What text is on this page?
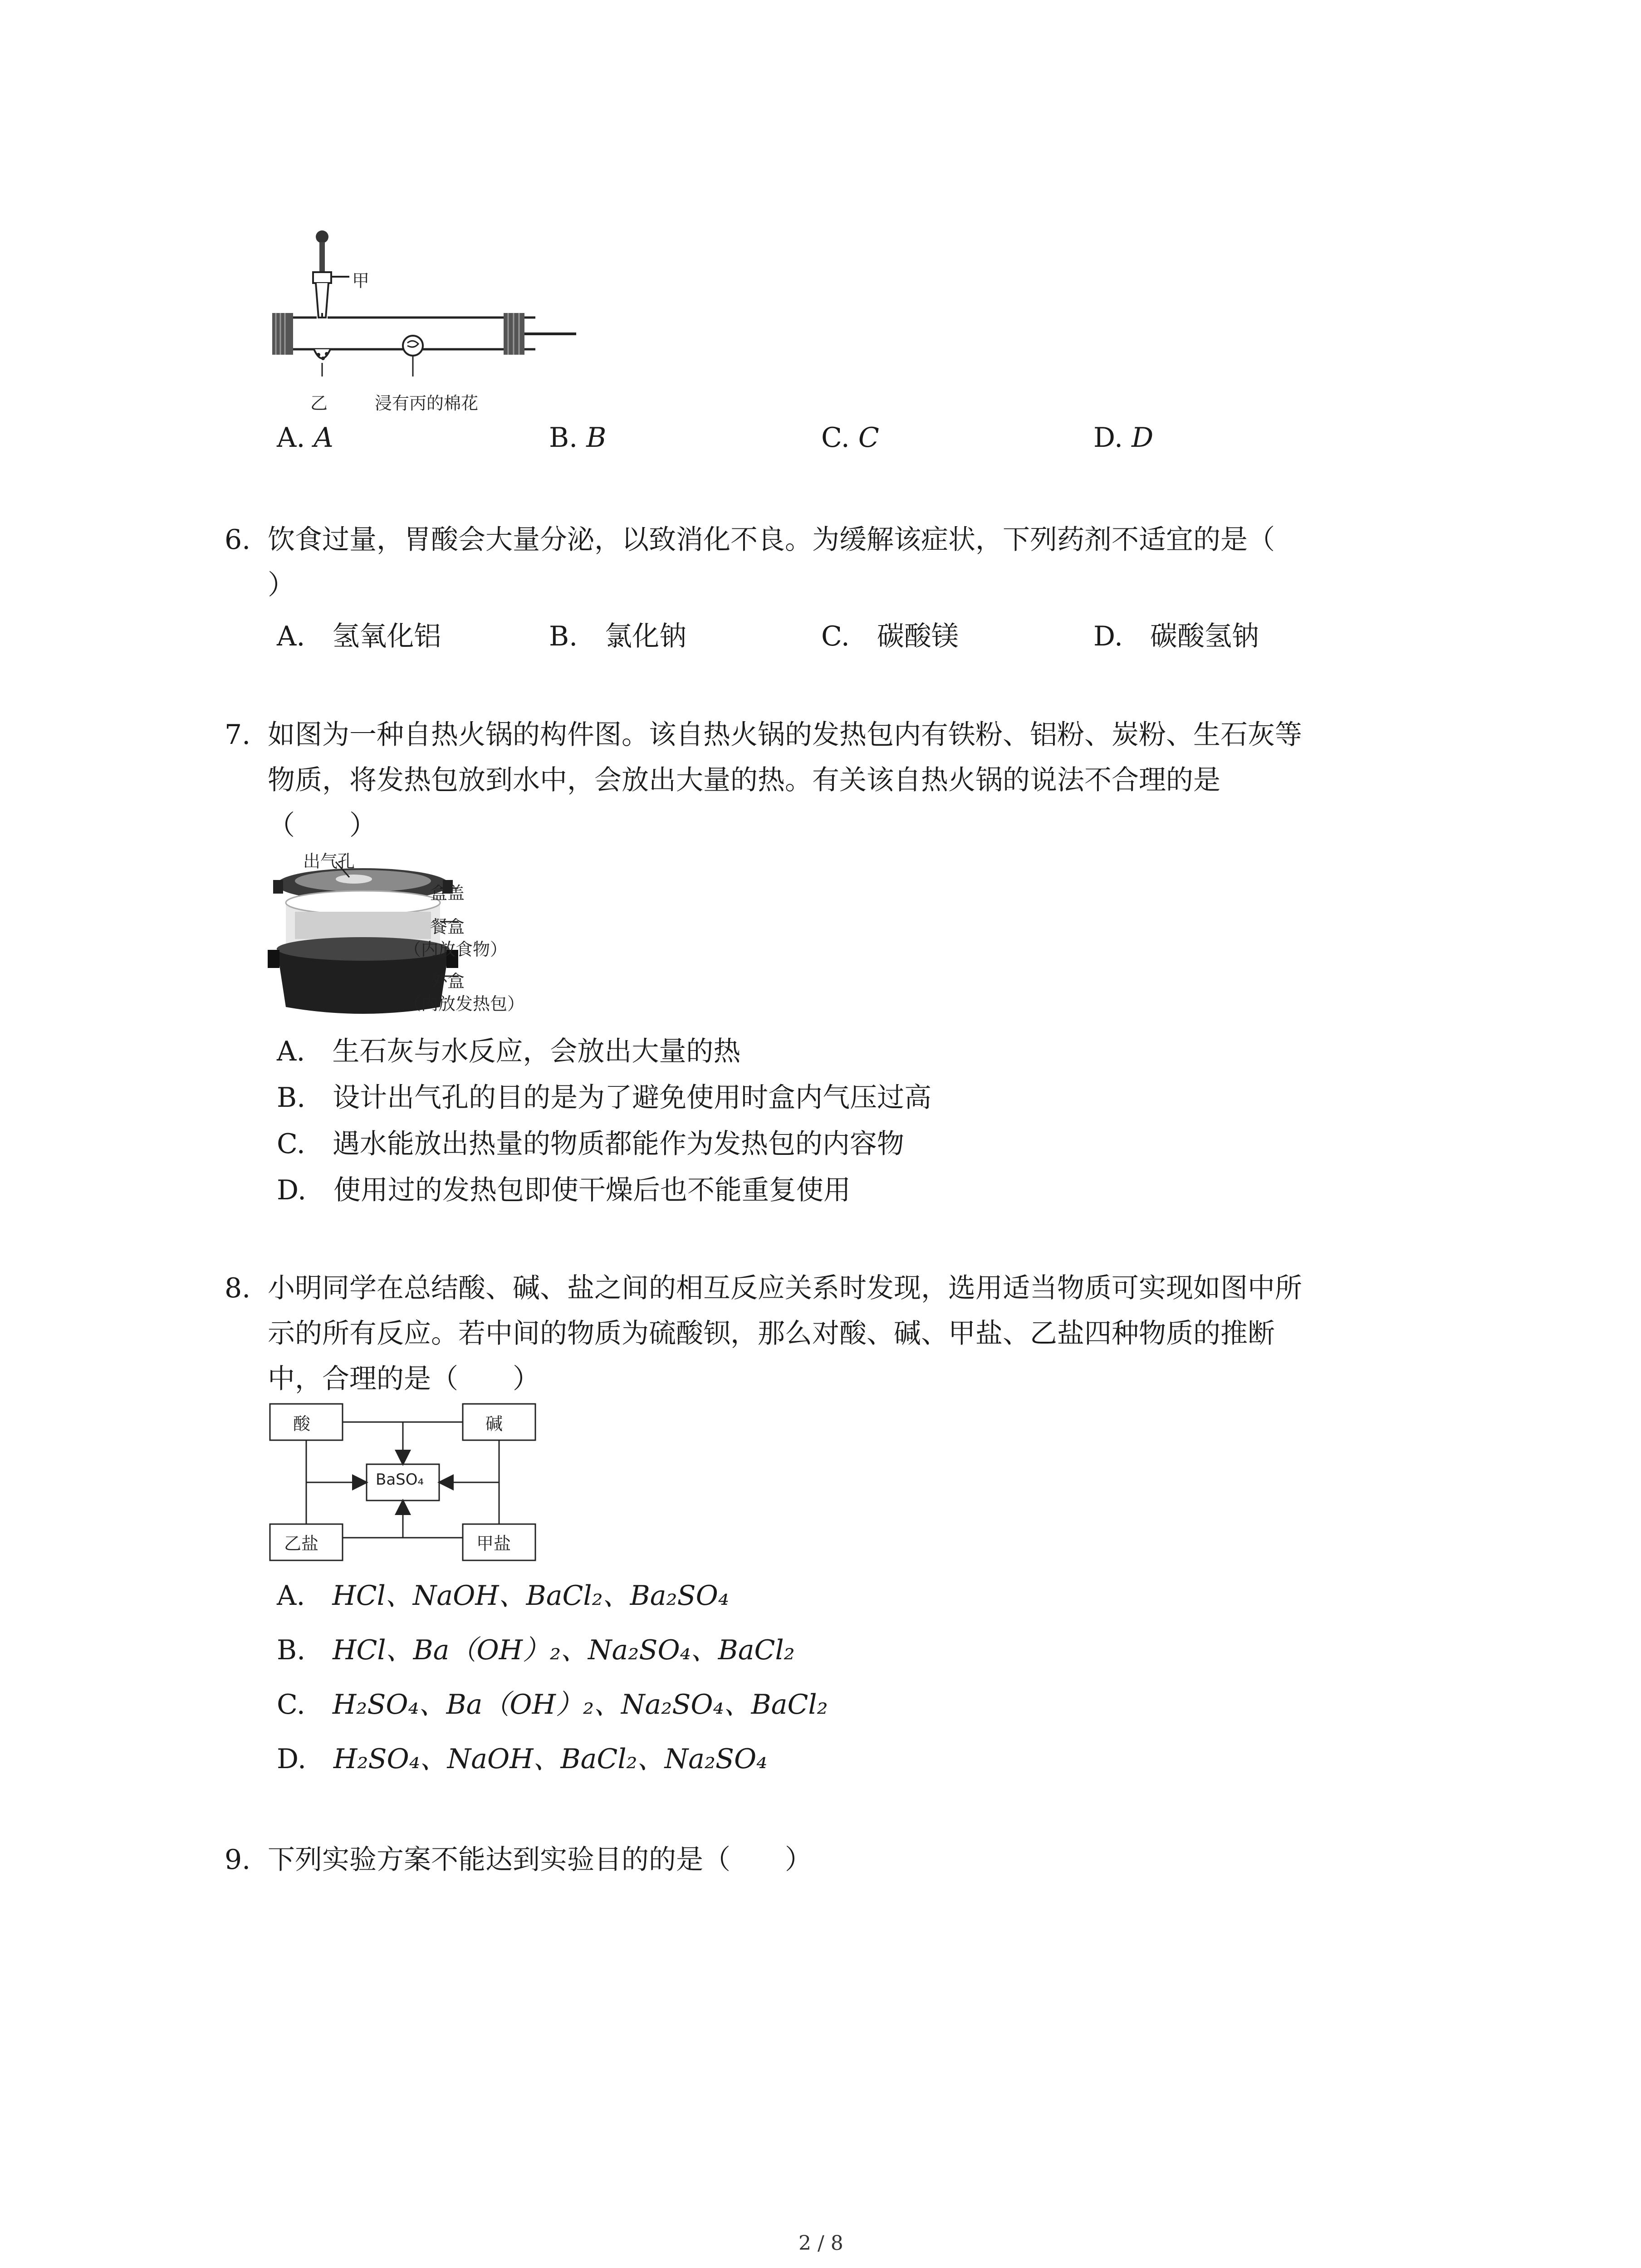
甲
乙	浸有丙的棉花
A. A	B. B	C. C	D. D
6. 饮食过量，胃酸会大量分泌，以致消化不良。为缓解该症状，下列药剂不适宜的是（
）
A.　 氢氧化铝	B.　 氯化钠	C.　 碳酸镁	D.　 碳酸氢钠
7. 如图为一种自热火锅的构件图。该自热火锅的发热包内有铁粉、铝粉、炭粉、生石灰等
物质，将发热包放到水中，会放出大量的热。有关该自热火锅的说法不合理的是
（　　）
出气孔
盒盖
餐盒
（内放食物）
外盒
（内放发热包）
A.　 生石灰与水反应，会放出大量的热
B.　 设计出气孔的目的是为了避免使用时盒内气压过高
C.　 遇水能放出热量的物质都能作为发热包的内容物
D.　 使用过的发热包即使干燥后也不能重复使用
8. 小明同学在总结酸、碱、盐之间的相互反应关系时发现，选用适当物质可实现如图中所
示的所有反应。若中间的物质为硫酸钡，那么对酸、碱、甲盐、乙盐四种物质的推断
中，合理的是（　　）
酸	碱
BaSO₄
乙盐	甲盐
A.　 HCl、NaOH、BaCl₂、Ba₂SO₄
B.　 HCl、Ba（OH）₂、Na₂SO₄、BaCl₂
C.　 H₂SO₄、Ba（OH）₂、Na₂SO₄、BaCl₂
D.　 H₂SO₄、NaOH、BaCl₂、Na₂SO₄
9. 下列实验方案不能达到实验目的的是（　　）
2 / 8
